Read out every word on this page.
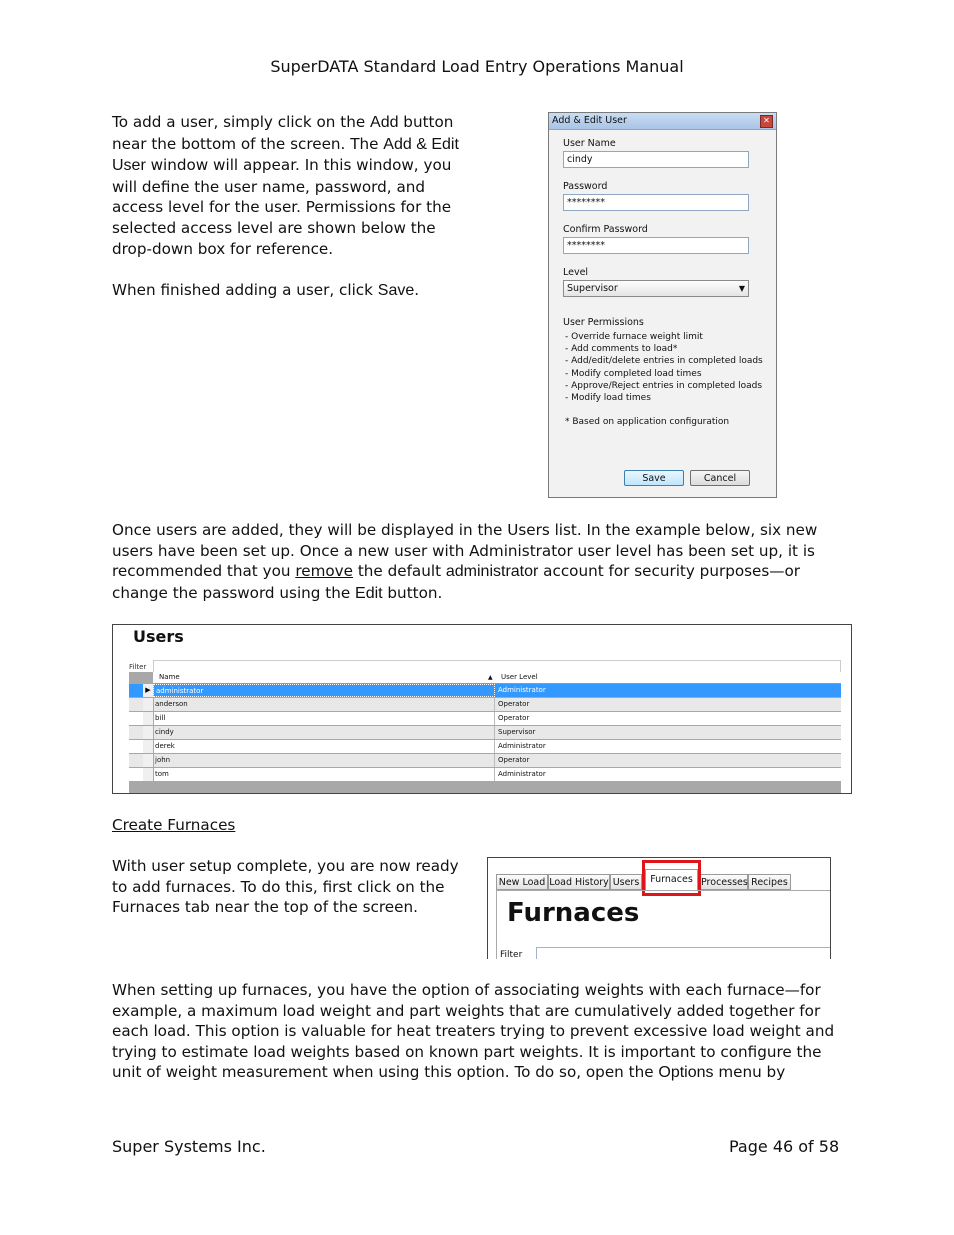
SuperDATA Standard Load Entry Operations Manual
To add a user, simply click on the Add button
near the bottom of the screen. The Add & Edit
User window will appear. In this window, you
will define the user name, password, and
access level for the user. Permissions for the
selected access level are shown below the
drop-down box for reference.
When finished adding a user, click Save.
Add & Edit User	✕
User Name
cindy
Password
********
Confirm Password
********
Level
Supervisor	▼
User Permissions
- Override furnace weight limit
- Add comments to load*
- Add/edit/delete entries in completed loads
- Modify completed load times
- Approve/Reject entries in completed loads
- Modify load times
* Based on application configuration
Save	Cancel
Once users are added, they will be displayed in the Users list. In the example below, six new
users have been set up. Once a new user with Administrator user level has been set up, it is
recommended that you remove the default administrator account for security purposes—or
change the password using the Edit button.
Users
Filter
Name	▲ User Level
▶ administrator	Administrator
anderson	Operator
bill	Operator
cindy	Supervisor
derek	Administrator
john	Operator
tom	Administrator
Create Furnaces
With user setup complete, you are now ready
to add furnaces. To do this, first click on the
Furnaces tab near the top of the screen.
New Load Load History Users	Furnaces Processes Recipes
Furnaces
Filter
When setting up furnaces, you have the option of associating weights with each furnace—for
example, a maximum load weight and part weights that are cumulatively added together for
each load. This option is valuable for heat treaters trying to prevent excessive load weight and
trying to estimate load weights based on known part weights. It is important to configure the
unit of weight measurement when using this option. To do so, open the Options menu by
Super Systems Inc.	Page 46 of 58
